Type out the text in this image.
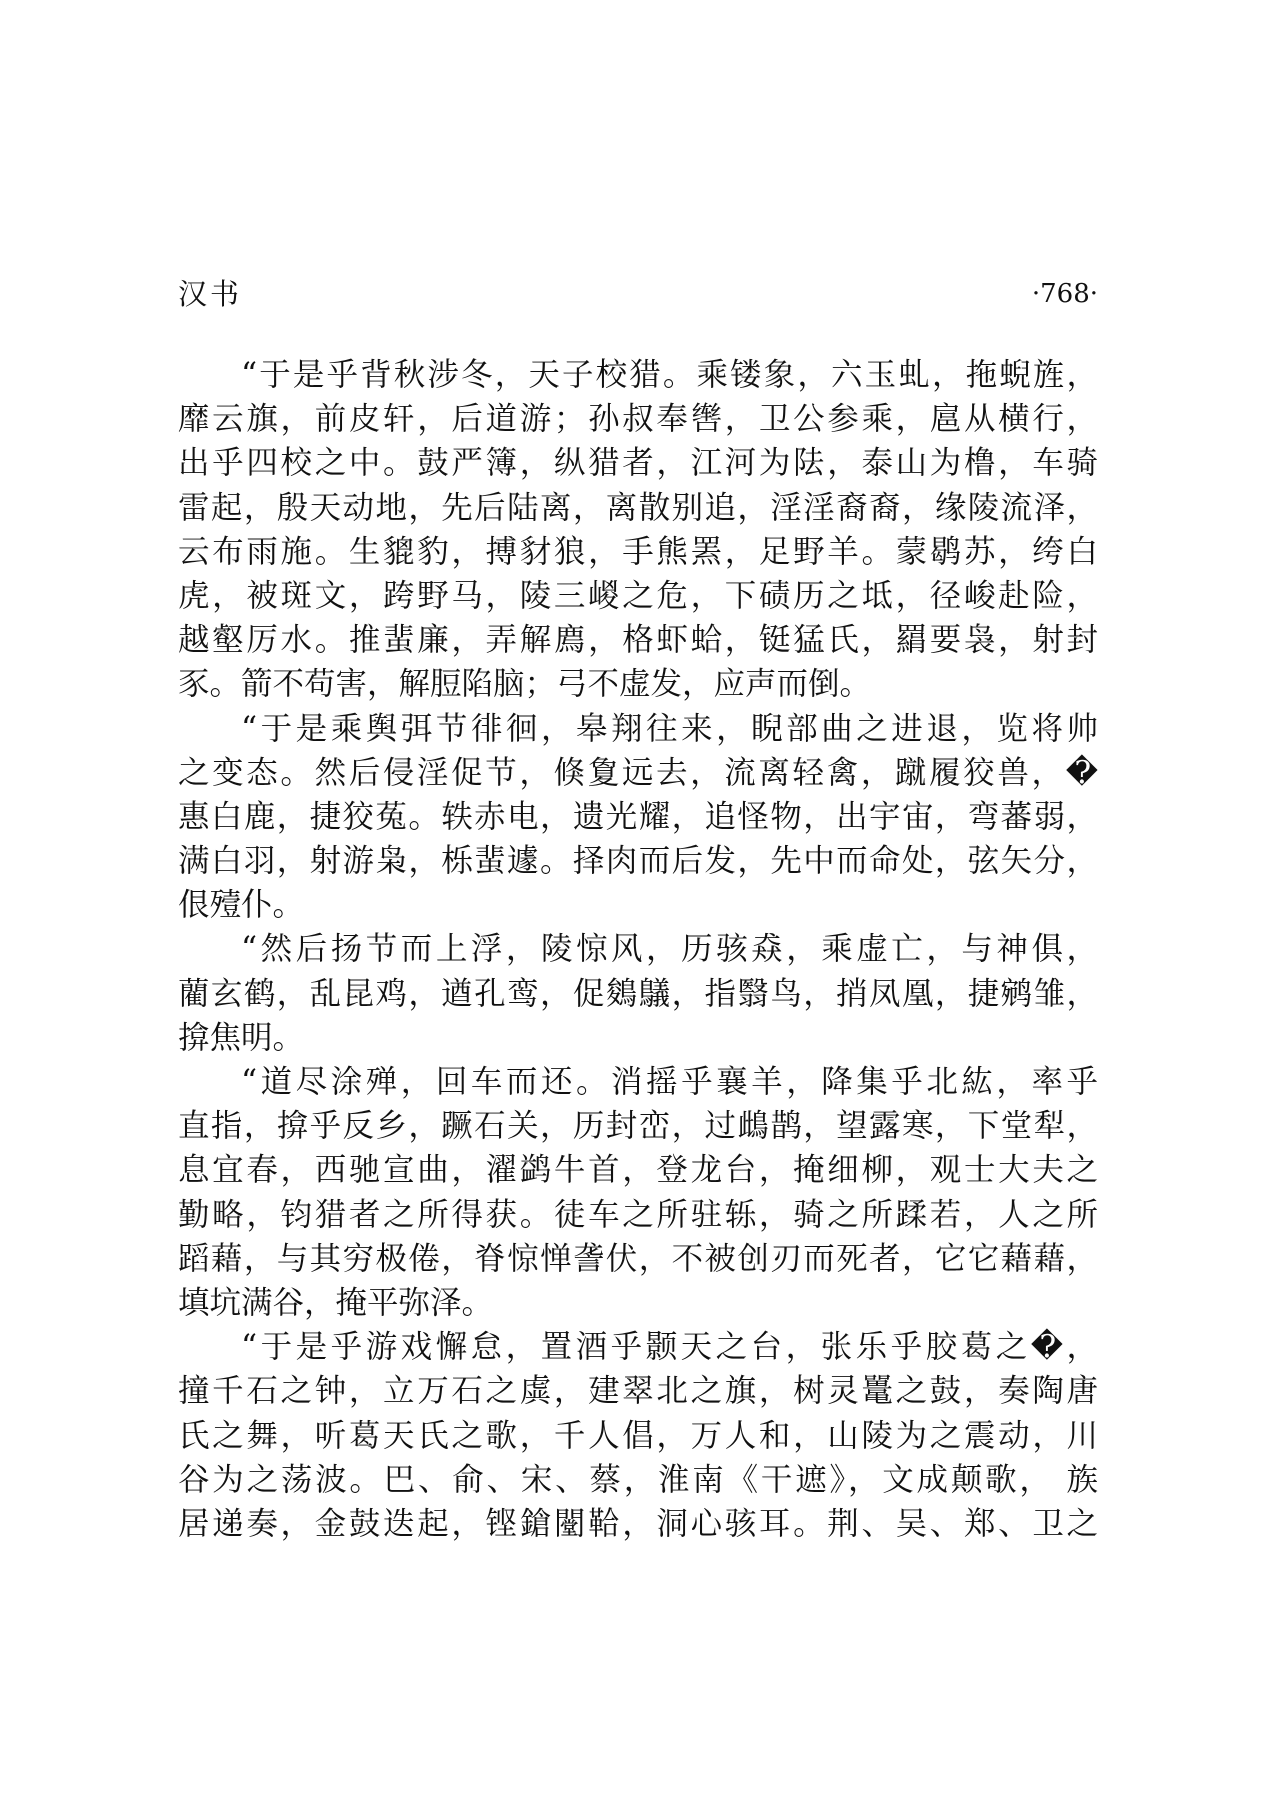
汉书	·768·
“于是乎背秋涉冬，天子校猎。乘镂象，六玉虬，拖蜺旌，
靡云旗，前皮轩，后道游；孙叔奉辔，卫公参乘，扈从横行，
出乎四校之中。鼓严簿，纵猎者，江河为阹，泰山为橹，车骑
雷起，殷天动地，先后陆离，离散别追，淫淫裔裔，缘陵流泽，
云布雨施。生貔豹，搏豺狼，手熊罴，足野羊。蒙鹖苏，绔白
虎，被斑文，跨野马，陵三嵕之危，下碛历之坻，径峻赴险，
越壑厉水。推蜚廉，弄解廌，格虾蛤，铤猛氏，羂要袅，射封
豕。箭不苟害，解脰陷脑；弓不虚发，应声而倒。
“于是乘舆弭节徘徊，皋翔往来，睨部曲之进退，览将帅
之变态。然后侵淫促节，倏夐远去，流离轻禽，蹴履狡兽，�
惠白鹿，捷狡菟。轶赤电，遗光耀，追怪物，出宇宙，弯蕃弱，
满白羽，射游枭，栎蜚遽。择肉而后发，先中而命处，弦矢分，
佷殪仆。
“然后扬节而上浮，陵惊风，历骇猋，乘虚亡，与神俱，
藺玄鹤，乱昆鸡，遒孔鸾，促鵕鸃，指翳鸟，捎凤凰，捷鹓雏，
揜焦明。
“道尽涂殚，回车而还。消摇乎襄羊，降集乎北紘，率乎
直指，揜乎反乡，蹶石关，历封峦，过䳄鹊，望露寒，下堂犁，
息宜春，西驰宣曲，濯鹢牛首，登龙台，掩细柳，观士大夫之
勤略，钧猎者之所得获。徒车之所驻轹，骑之所蹂若，人之所
蹈藉，与其穷极倦，脊惊惮詟伏，不被创刃而死者，它它藉藉，
填坑满谷，掩平弥泽。
“于是乎游戏懈怠，置酒乎颢天之台，张乐乎胶葛之�，
撞千石之钟，立万石之虡，建翠北之旗，树灵鼍之鼓，奏陶唐
氏之舞，听葛天氏之歌，千人倡，万人和，山陵为之震动，川
谷为之荡波。巴、俞、宋、蔡，淮南《干遮》，文成颠歌， 族
居递奏，金鼓迭起，铿鎗闛鞈，洞心骇耳。荆、吴、郑、卫之
